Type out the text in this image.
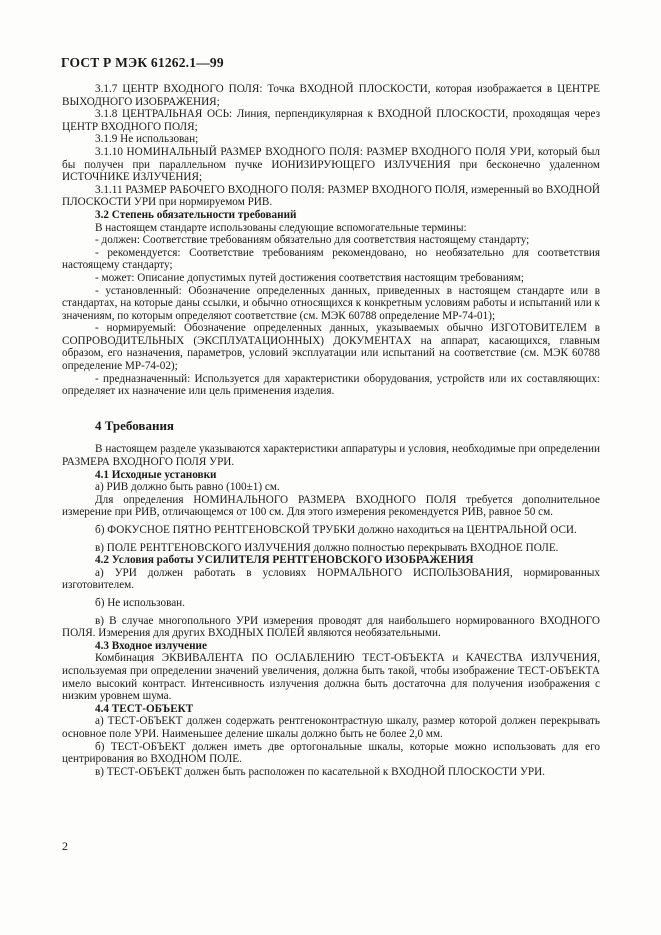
ГОСТ Р МЭК 61262.1—99

3.1.7 ЦЕНТР ВХОДНОГО ПОЛЯ: Точка ВХОДНОЙ ПЛОСКОСТИ, которая изображается в ЦЕНТРЕ ВЫХОДНОГО ИЗОБРАЖЕНИЯ;

3.1.8 ЦЕНТРАЛЬНАЯ ОСЬ: Линия, перпендикулярная к ВХОДНОЙ ПЛОСКОСТИ, проходящая через ЦЕНТР ВХОДНОГО ПОЛЯ;

3.1.9 Не использован;

3.1.10 НОМИНАЛЬНЫЙ РАЗМЕР ВХОДНОГО ПОЛЯ: РАЗМЕР ВХОДНОГО ПОЛЯ УРИ, который был бы получен при параллельном пучке ИОНИЗИРУЮЩЕГО ИЗЛУЧЕНИЯ при бесконечно удаленном ИСТОЧНИКЕ ИЗЛУЧЕНИЯ;

3.1.11 РАЗМЕР РАБОЧЕГО ВХОДНОГО ПОЛЯ: РАЗМЕР ВХОДНОГО ПОЛЯ, измеренный во ВХОДНОЙ ПЛОСКОСТИ УРИ при нормируемом РИВ.

3.2 Степень обязательности требований

В настоящем стандарте использованы следующие вспомогательные термины:

- должен: Соответствие требованиям обязательно для соответствия настоящему стандарту;

- рекомендуется: Соответствие требованиям рекомендовано, но необязательно для соответствия настоящему стандарту;

- может: Описание допустимых путей достижения соответствия настоящим требованиям;

- установленный: Обозначение определенных данных, приведенных в настоящем стандарте или в стандартах, на которые даны ссылки, и обычно относящихся к конкретным условиям работы и испытаний или к значениям, по которым определяют соответствие (см. МЭК 60788 определение МР-74-01);

- нормируемый: Обозначение определенных данных, указываемых обычно ИЗГОТОВИТЕЛЕМ в СОПРОВОДИТЕЛЬНЫХ (ЭКСПЛУАТАЦИОННЫХ) ДОКУМЕНТАХ на аппарат, касающихся, главным образом, его назначения, параметров, условий эксплуатации или испытаний на соответствие (см. МЭК 60788 определение МР-74-02);

- предназначенный: Используется для характеристики оборудования, устройств или их составляющих: определяет их назначение или цель применения изделия.

4 Требования

В настоящем разделе указываются характеристики аппаратуры и условия, необходимые при определении РАЗМЕРА ВХОДНОГО ПОЛЯ УРИ.

4.1 Исходные установки

а) РИВ должно быть равно (100±1) см.

Для определения НОМИНАЛЬНОГО РАЗМЕРА ВХОДНОГО ПОЛЯ требуется дополнительное измерение при РИВ, отличающемся от 100 см. Для этого измерения рекомендуется РИВ, равное 50 см.

б) ФОКУСНОЕ ПЯТНО РЕНТГЕНОВСКОЙ ТРУБКИ должно находиться на ЦЕНТРАЛЬНОЙ ОСИ.

в) ПОЛЕ РЕНТГЕНОВСКОГО ИЗЛУЧЕНИЯ должно полностью перекрывать ВХОДНОЕ ПОЛЕ.

4.2 Условия работы УСИЛИТЕЛЯ РЕНТГЕНОВСКОГО ИЗОБРАЖЕНИЯ

а) УРИ должен работать в условиях НОРМАЛЬНОГО ИСПОЛЬЗОВАНИЯ, нормированных изготовителем.

б) Не использован.

в) В случае многопольного УРИ измерения проводят для наибольшего нормированного ВХОДНОГО ПОЛЯ. Измерения для других ВХОДНЫХ ПОЛЕЙ являются необязательными.

4.3 Входное излучение

Комбинация ЭКВИВАЛЕНТА ПО ОСЛАБЛЕНИЮ ТЕСТ-ОБЪЕКТА и КАЧЕСТВА ИЗЛУЧЕНИЯ, используемая при определении значений увеличения, должна быть такой, чтобы изображение ТЕСТ-ОБЪЕКТА имело высокий контраст. Интенсивность излучения должна быть достаточна для получения изображения с низким уровнем шума.

4.4 ТЕСТ-ОБЪЕКТ

а) ТЕСТ-ОБЪЕКТ должен содержать рентгеноконтрастную шкалу, размер которой должен перекрывать основное поле УРИ. Наименьшее деление шкалы должно быть не более 2,0 мм.

б) ТЕСТ-ОБЪЕКТ должен иметь две ортогональные шкалы, которые можно использовать для его центрирования во ВХОДНОМ ПОЛЕ.

в) ТЕСТ-ОБЪЕКТ должен быть расположен по касательной к ВХОДНОЙ ПЛОСКОСТИ УРИ.

2
